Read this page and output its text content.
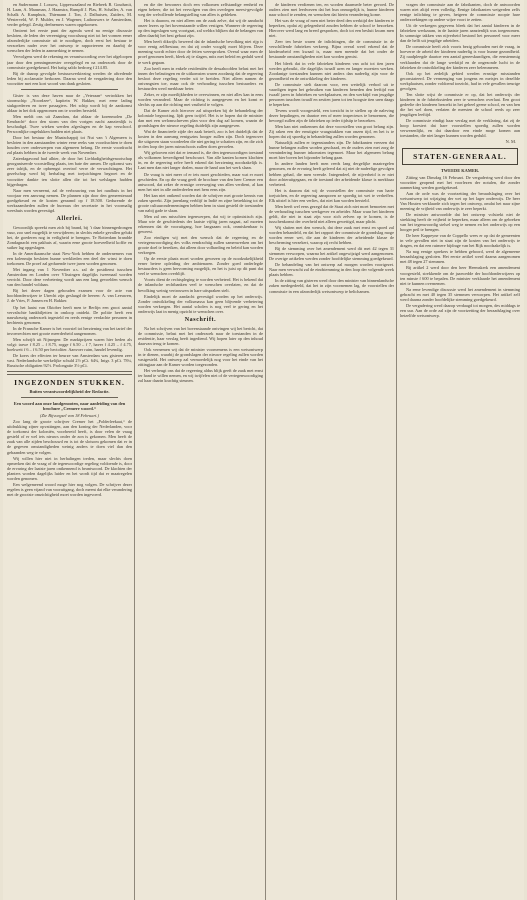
en Sudermann J. Lossow, Lippeswaaland en Riebeek B. Goudsmit, H. Laan, A. Maasman, J. Haanstra, Rumpff J. Plas, H. Schaller, A. van Schalk A. Kamphuis, Thiemann J. Ton, J. Dalhuisen, Zuiders, M. Westerveld, W. F. Mulder, en J. Wagener, Lathouwers te Amsterdam, verder gelegd. Zestig deelnemers waren opgekomen.

Omtrent het eerste punt der agenda werd na eenige discussie besloten, de leden der vereeniging vooralsnog niet tot het vormen eener afzonderlijke commissie uit te noodigen, doch eerst het bestuur te verzoeken nader over het ontwerp te rapporteeren en daarbij de wenschen der leden in aanmerking te nemen.

Vervolgens werd de rekening en verantwoording over het afgeloopen jaar door den penningmeester overgelegd en na onderzoek door de commissie goedgekeurd. Het batig saldo bedroeg f 214.85.

Bij de daarop gevolgde bestuursverkiezing werden de aftredende leden bij acclamatie herkozen. Daarna werd de vergadering door den voorzitter met een kort woord van dank gesloten.

Gister is van deze haven naar de „Veteraan“ vertrokken het stoomschip „Noordzee“, kapitein W. Bakker, met eene lading stukgoederen en twee passagiers. Het schip wordt bij de aankomst aldaar in het dok opgenomen om te worden hersteld.

Men meldt ons uit Zaandam, dat aldaar de korenmolen „De Eendracht“ door den storm van den vorigen nacht aanzienlijk is beschadigd. Twee wieken werden afgeslagen en de kap verschoof. Persoonlijke ongelukken hadden niet plaats.

Door het bestuur der Maatschappij tot Nut van 't Algemeen is besloten in den aanstaanden winter eene reeks van voordrachten te doen houden over onderwerpen van algemeen belang. De eerste voordracht zal plaats hebben in de tweede week van November.

Zaterdagavond had alhier, de door het Liefdadigheidsgenootschap georganiseerde voorstelling plaats, ten bate der armen. De opkomst was zeer talrijk, en de opbrengst overtrof verre de verwachtingen. Het gezelschap werd bij herhaling met toejuichingen begroet en de voorzitter dankte ten slotte allen die tot het welslagen hadden bijgedragen.

Naar men verneemt, zal de verbouwing van het raadhuis in het voorjaar een aanvang nemen. De plannen zijn door den gemeenteraad goedgekeurd en de kosten geraamd op f 18.500. Gedurende de werkzaamheden zullen de bureaux der secretarie in het voormalig weeshuis worden gevestigd.

Allerlei.

Gewoonlijk spreekt men zich bij brand, bij ’t daar binnengedrongen vuur, zoo snel mogelijk te verwijderen; in slechts enkele gevallen gelukt het, de goederen nog in veiligheid te brengen. Te Rotterdam brandde Zondagnacht een pakhuis af, waarin eene groote hoeveelheid koffie en suiker lag opgeslagen.

In de Amerikaansche staat New-York hebben de ondernemers van een kolenmijn besloten hunne werklieden een deel der winst te doen toekomen. De proef zal gedurende twee jaren worden genomen.

Met ingang van 1 November a.s. zal de postdienst tusschen Amsterdam en Londen over Vlissingen dagelijks tweemaal worden verricht. Door deze verbetering wordt aan een lang gevoelden wensch van den handel voldaan.

Bij het dezer dagen gehouden examen voor de acte van hoofdonderwijzer te Utrecht zijn geslaagd de heeren: A. van Leeuwen, J. de Vries, P. Jansen en H. Bakker.

Op het laatst van Oktober heeft men te Berlijn een groot aantal vervalschte bankbiljetten in omloop ontdekt. De politie heeft een nauwkeurig onderzoek ingesteld en reeds eenige verdachte personen in hechtenis genomen.

In de Fransche Kamer is het voorstel tot herziening van het tarief der invoerrechten met groote meerderheid aangenomen.

Men schrijft uit Nijmegen: De marktprijzen waren hier heden als volgt: tarwe f 8.25 – f 8.75, rogge f 6.50 – f 7, haver f 4.25 – f 4.75, boekweit f 6 – f 6.50 per hectoliter. Aanvoer ruim, handel levendig.

De koers der effecten ter beurze van Amsterdam was gisteren zeer vast. Nederlandsche werkelijke schuld 2½ pCt. 64¾, Intgr. 3 pCt. 78¼, Russische obligatien 92½. Prolongatie 3½ pCt.

INGEZONDEN STUKKEN.
Buiten verantwoordelijkheid der Redactie.
Een woord aan onze landgenooten, naar aanleiding van den brochure „Cremere woord.“
(Zie Bijvoegsel van 18 Februari.)

Zoo lang de groote schrijver Cremer het „Polderleekaat,“ de uitdrukking zijner opvattingen, aan den koning der Nederlanden, voor de toekomst der koloniën, voorbereid heeft, is door velen de vraag gesteld of er wel iets nieuws onder de zon is gekomen. Men heeft de zaak van alle zijden beschouwd en is tot de slotsom gekomen dat er in de gegeven omstandigheden weinig anders te doen viel dan den gebaanden weg te volgen.

Wij willen hier niet in herhalingen treden, maar slechts doen opmerken dat de vraag of de tegenwoordige regeling voldoende is, door de ervaring der laatste jaren ontkennend is beantwoord. De klachten der planters worden dagelijks luider en het wordt tijd dat er maatregelen worden genomen.

Een welgemeend woord moge hier nog volgen. De schrijver dezer regelen is geen vijand van vooruitgang, doch meent dat elke verandering met de grootste omzichtigheid moet worden ingevoerd.

en die der bewoners doch een volkomen zelfstandige eenheid en eigen beheer, die tot het vervolgen van den overlegen meest-gevolgde weg der welwillende belangstelling van allen is gebleken.

Het is daarom, en niet alleen om de zaak zelve, dat wij de aandacht onzer lezers op het bovenstaande willen vestigen. Wanneer de regeering op den ingeslagen weg voortgaat, zal weldra blijken dat de belangen van allen daarbij het best gebaat zijn.

Men heeft dikwijls beweerd dat de inlandsche bevolking niet rijp is voor eenig zelfbestuur, en dat zij onder voogdij moet blijven. Deze meening wordt echter door de feiten weersproken. Overal waar men de proef genomen heeft, bleek zij te slagen, mits met beleid en geduld werd te werk gegaan.

Zoo heeft men in enkele residentiën de dessahoofden belast met het innen der belastingen en de uitkomsten waren zoodanig dat de regeering besloot deze regeling verder uit te breiden. Niet alleen namen de ontvangsten toe, maar ook de verhouding tusschen bestuurders en bestuurden werd merkbaar beter.

Zeker, er zijn moeilijkheden te overwinnen, en niet alles kan in eens worden veranderd. Maar de richting is aangegeven en het komt er slechts op aan die richting met vastheid te volgen.

Dat de Kamer zich hierover zal uitspreken bij de behandeling der koloniale begrooting, lijdt geen twijfel. Het is te hopen dat de minister dan met een welomschreven plan voor den dag zal komen, waarin de grondslagen der nieuwe regeling duidelijk zijn aangegeven.

Wat de financieele zijde der zaak betreft, zoo is het duidelijk dat de kosten in den aanvang eenigszins hooger zullen zijn. Doch tegenover die uitgaven staan voordeelen die niet gering te schatten zijn, en die zich in den loop der jaren ruimschoots zullen doen gevoelen.

Wij gelooven niet dat er iemand is, die den tegenwoordigen toestand als volkomen bevredigend beschouwt. Van alle kanten komen klachten in, en de regeering zelve heeft erkend dat herziening noodzakelijk is. Laat men dan niet langer dralen, maar de hand aan het werk slaan.

De vraag is niet meer of er iets moet geschieden, maar wat er moet geschieden. En op die vraag geeft de brochure van den heer Cremer een antwoord, dat zeker de ernstige overweging van allen verdient, al kan men het niet in alle onderdeelen met hem eens zijn.

Het kan niet ontkend worden dat de schrijver met groote kennis van zaken spreekt. Zijn jarenlang verblijf in Indië en zijne betrekking tot de groote cultuurondernemingen hebben hem in staat gesteld de toestanden van nabij gade te slaan.

Men zal ons misschien tegenwerpen, dat wij te optimistisch zijn. Maar wie de geschiedenis der laatste vijftig jaren nagaat, zal moeten erkennen dat de vooruitgang, hoe langzaam ook, onmiskenbaar is geweest.

Zoo eindigen wij met den wensch dat de regeering en de vertegenwoordiging des volks eendrachtig zullen samenwerken om het groote doel te bereiken, dat alleen door volharding en beleid kan worden verkregen.

Op de eerste plaats moet worden gewezen op de noodzakelijkheid eener betere opleiding der ambtenaren. Zonder goed onderlegde bestuurders is geen hervorming mogelijk, en het is juist op dit punt dat veel te wenschen overblijft.

Voorts dient de rechtspleging te worden verbeterd. Het is bekend dat de inlandsche rechtbanken veel te wenschen overlaten, en dat de bevolking weinig vertrouwen in hare uitspraken stelt.

Eindelijk moet de aandacht gevestigd worden op het onderwijs. Zonder ontwikkeling der volksmassa kan geen blijvende verbetering worden verkregen. Het aantal scholen is nog veel te gering en het onderwijs laat in menig opzicht te wenschen over.

Naschrift.

Na het schrijven van het bovenstaande ontvingen wij het bericht, dat de commissie, belast met het onderzoek naar de toestanden in de residentie, haar verslag heeft ingediend. Wij hopen later op den inhoud daarvan terug te komen.

Ook vernemen wij dat de minister voornemens is een wetsontwerp in te dienen, waarbij de grondslagen der nieuwe regeling zullen worden vastgesteld. Het ontwerp zal vermoedelijk nog voor het einde van het zittingjaar aan de Kamer worden toegezonden.

Het verheugt ons dat de regeering aldus blijk geeft de zaak met ernst ter hand te willen nemen, en wij twijfelen niet of de vertegenwoordiging zal haar daarin krachtig steunen.

de kinderen verdienen ten, en worden daarmede beter gevoed. De ouders zien met leedwezen dat het hun onmogelijk is, hunne kinderen naar school te zenden, en wenschen dat hierin verandering kome.

Het was de vraag of men niet beter deed den werktijd der kinderen te beperken, opdat zij gelegenheid zouden hebben de school te bezoeken. Hierover werd lang en breed gesproken, doch tot een besluit kwam men niet.

Zeer ten beste waren de inlichtingen, die de commissie in de verschillende fabrieken verkreeg. Bijna overal werd erkend dat de kinderarbeid een kwaad is, maar men meende dat het onder de bestaande omstandigheden niet kon worden gemist.

Het bleek dat in vele fabrieken kinderen van acht tot tien jaren werden gebruikt, die dagelijks twaalf uren en langer moesten werken. Zoodanige toestanden kunnen niet anders dan nadeelig zijn voor de gezondheid en de ontwikkeling der kinderen.

De commissie stelt daarom voor, een wettelijk verbod uit te vaardigen tegen het gebruiken van kinderen beneden den leeftijd van twaalf jaren in fabrieken en werkplaatsen, en den werktijd van jeugdige personen tusschen twaalf en zestien jaren tot ten hoogste tien uren daags te beperken.

Tevens wordt voorgesteld, een toezicht in te stellen op de naleving dezer bepalingen, en daartoe een of meer inspecteurs te benoemen, die bevoegd zullen zijn de fabrieken op ieder tijdstip te bezoeken.

Men kan niet ontkennen dat deze voorstellen van groot belang zijn. Zij raken een der ernstigste vraagstukken van onzen tijd, en het is te hopen dat zij spoedig in behandeling zullen worden genomen.

Natuurlijk zullen er tegenstanders zijn. De fabrikanten vreezen dat hunne belangen zullen worden geschaad, en de ouders zien met zorg de vermindering hunner inkomsten tegemoet. Maar het algemeen belang moet hier boven het bijzonder belang gaan.

In andere landen heeft men reeds lang dergelijke maatregelen genomen, en de ervaring heeft geleerd dat zij niet de nadeelige gevolgen hebben gehad, die men vreesde. Integendeel, de nijverheid is er niet door achteruitgegaan, en de toestand der arbeidende klasse is merkbaar verbeterd.

Het is daarom dat wij de voorstellen der commissie van harte toejuichen, en de regeering aansporen ze spoedig tot wet te verheffen. Elk uitstel is hier een verlies, dat niet kan worden hersteld.

Men heeft wel eens gezegd dat de Staat zich niet moet bemoeien met de verhouding tusschen werkgever en arbeider. Maar waar het kinderen geldt, die niet in staat zijn voor zich zelven op te komen, is de tusschenkomst der overheid niet alleen gewettigd, maar plicht.

Wij sluiten met den wensch, dat deze zaak met ernst en spoed zal worden behandeld, en dat het rapport der commissie de grondslag moge worden eener wet, die aan de kinderen der arbeidende klasse de bescherming verzekert, waarop zij recht hebben.

Bij de stemming over het amendement werd dit met 42 tegen 31 stemmen verworpen, waarna het artikel ongewijzigd werd aangenomen. De overige artikelen werden zonder hoofdelijke stemming goedgekeurd.

De behandeling van het ontwerp zal morgen worden voortgezet. Naar men verwacht zal de eindstemming in den loop der volgende week plaats hebben.

In de zitting van gisteren werd door den minister van binnenlandsche zaken medegedeeld, dat het in zijn voornemen lag, de voorstellen der commissie in een afzonderlijk wetsontwerp te belichamen.

vragen der commissie aan de fabrikanten, doch de antwoorden waren niet altijd even volledig. Eenige fabrikanten weigerden zelfs eenige inlichting te geven, hetgeen de commissie noopte hare onderzoekingen op andere wijze voort te zetten.

Uit de verkregen gegevens bleek dat het aantal kinderen in de fabrieken werkzaam, in de laatste jaren aanzienlijk was toegenomen. In sommige takken van nijverheid bestond het personeel voor meer dan de helft uit jeugdige arbeiders.

De commissie heeft zich voorts bezig gehouden met de vraag, in hoeverre de arbeid der kinderen nadeelig is voor hunne gezondheid. Zij raadpleegde daartoe een aantal geneeskundigen, die eenstemmig verklaarden dat de lange werktijd en de ongezonde lucht in de fabrieken de ontwikkeling der kinderen zeer belemmeren.

Ook op het zedelijk gebied werden ernstige misstanden geconstateerd. De vermenging van jongens en meisjes in dezelfde werkplaatsen, zonder voldoend toezicht, had in vele gevallen treurige gevolgen.

Ten slotte wijst de commissie er op, dat het onderwijs der kinderen in de fabriekssteden zeer te wenschen overlaat. Een groot gedeelte der kinderen bezoekt in het geheel geene school, en van hen die het wel doen, verlaten de meesten de school reeds op zeer jeugdigen leeftijd.

De commissie eindigt haar verslag met de verklaring, dat zij de hoop koestert dat hare voorstellen spoedig zullen worden verwezenlijkt, en dat daardoor een einde moge komen aan toestanden, die niet langer kunnen worden geduld.

N. M.
STATEN-GENERAAL.
TWEEDE KAMER.

Zitting van Dinsdag 16 Februari. De vergadering werd door den voorzitter geopend met het voorlezen der notulen, die zonder aanmerking werden goedgekeurd.

Aan de orde was de voortzetting der beraadslaging over het wetsontwerp tot wijziging der wet op het lager onderwijs. De heer Van Houten verklaarde zich tegen het ontwerp, omdat het naar zijne meening de vrijheid van onderwijs te zeer beperkt.

De minister antwoordde dat het ontwerp volstrekt niet de strekking heeft de vrijheid te beperken, maar alleen om de gebreken van het tegenwoordig stelsel weg te nemen en het onderwijs op een hooger peil te brengen.

De heer Kappeyne van de Coppello wees er op dat de gemeenten in vele gevallen niet in staat zijn de kosten van het onderwijs te dragen, en dat een ruimere bijdrage van het Rijk noodzakelijk is.

Na nog eenige sprekers te hebben gehoord, werd de algemeene beraadslaging gesloten. Het eerste artikel werd daarna aangenomen met 48 tegen 27 stemmen.

Bij artikel 2 werd door den heer Heemskerk een amendement voorgesteld, strekkende om de jaarwedde der hoofdonderwijzers op ten minste f 600 te bepalen. De minister verklaarde het amendement niet te kunnen overnemen.

Na eene levendige discussie werd het amendement in stemming gebracht en met 40 tegen 35 stemmen verworpen. Het artikel zelf werd daarna zonder hoofdelijke stemming goedgekeurd.

De vergadering werd daarop verdaagd tot morgen, des middags te een uur. Aan de orde zal zijn de voortzetting der beraadslaging over hetzelfde wetsontwerp.
